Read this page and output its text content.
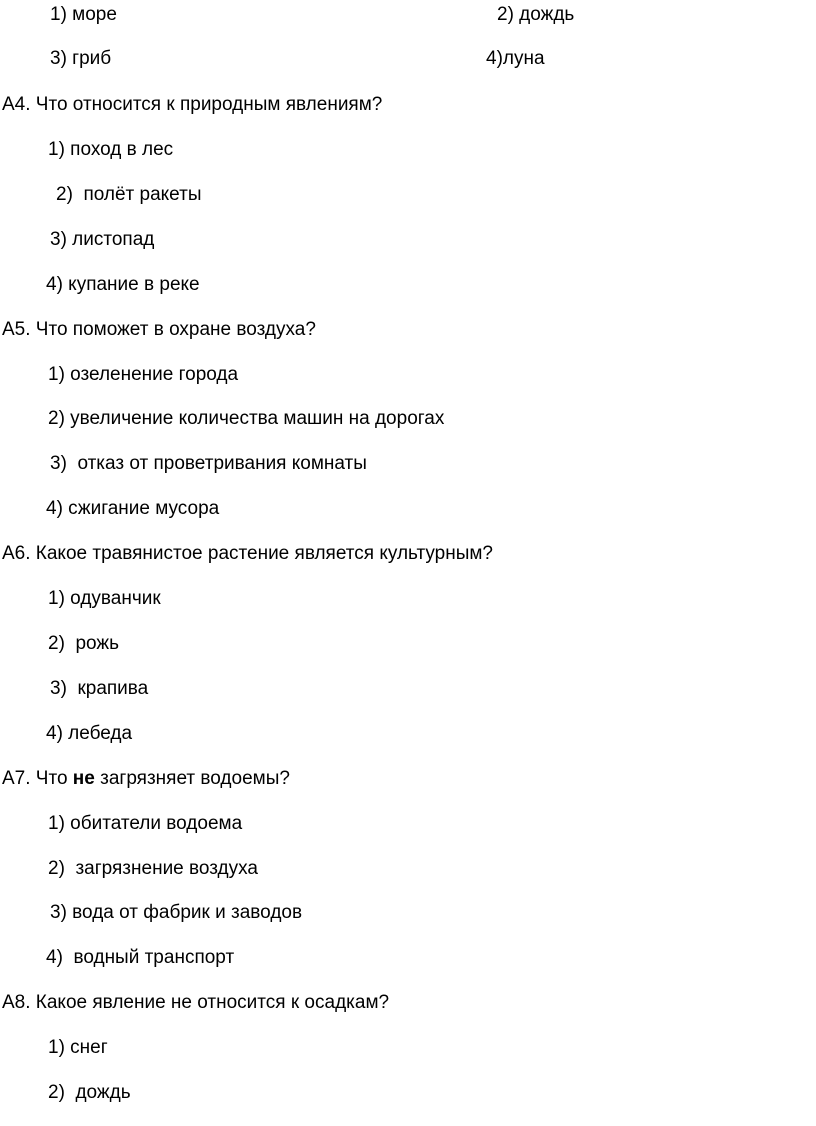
1) море	2) дождь
3) гриб	4)луна
А4. Что относится к природным явлениям?
1) поход в лес
2)  полёт ракеты
3) листопад
4) купание в реке
А5. Что поможет в охране воздуха?
1) озеленение города
2) увеличение количества машин на дорогах
3)  отказ от проветривания комнаты
4) сжигание мусора
А6. Какое травянистое растение является культурным?
1) одуванчик
2)  рожь
3)  крапива
4) лебеда
А7. Что не загрязняет водоемы?
1) обитатели водоема
2)  загрязнение воздуха
3) вода от фабрик и заводов
4)  водный транспорт
А8. Какое явление не относится к осадкам?
1) снег
2)  дождь
